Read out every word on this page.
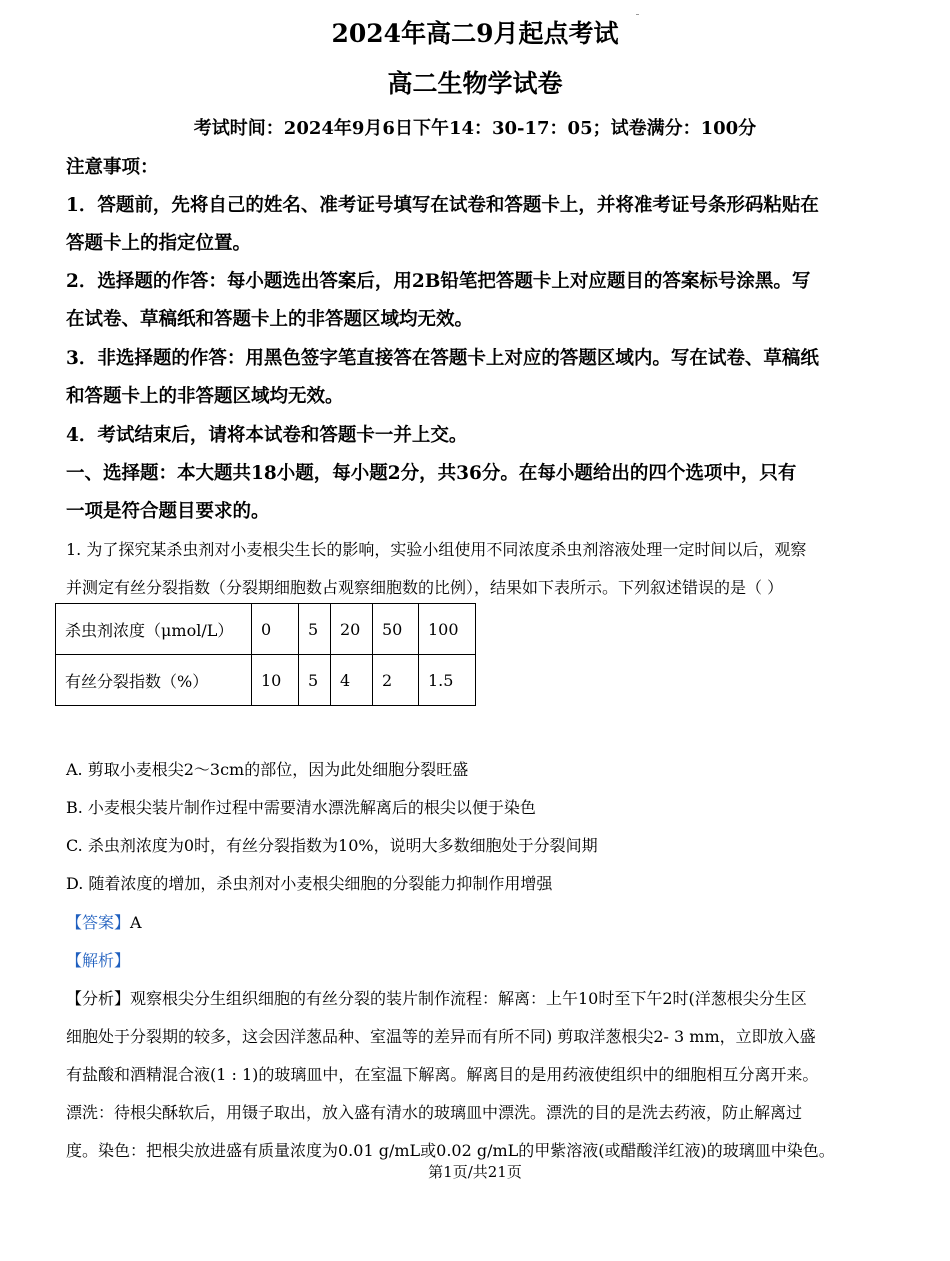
2024年高二9月起点考试
高二生物学试卷
考试时间：2024年9月6日下午14：30-17：05；试卷满分：100分
注意事项：
1．答题前，先将自己的姓名、准考证号填写在试卷和答题卡上，并将准考证号条形码粘贴在
答题卡上的指定位置。
2．选择题的作答：每小题选出答案后，用2B铅笔把答题卡上对应题目的答案标号涂黑。写
在试卷、草稿纸和答题卡上的非答题区域均无效。
3．非选择题的作答：用黑色签字笔直接答在答题卡上对应的答题区域内。写在试卷、草稿纸
和答题卡上的非答题区域均无效。
4．考试结束后，请将本试卷和答题卡一并上交。
一、选择题：本大题共18小题，每小题2分，共36分。在每小题给出的四个选项中，只有
一项是符合题目要求的。
1. 为了探究某杀虫剂对小麦根尖生长的影响，实验小组使用不同浓度杀虫剂溶液处理一定时间以后，观察
并测定有丝分裂指数（分裂期细胞数占观察细胞数的比例），结果如下表所示。下列叙述错误的是（ ）
杀虫剂浓度（μmol/L）	0	5	20	50	100
有丝分裂指数（%）	10	5	4	2	1.5
A. 剪取小麦根尖2～3cm的部位，因为此处细胞分裂旺盛
B. 小麦根尖装片制作过程中需要清水漂洗解离后的根尖以便于染色
C. 杀虫剂浓度为0时，有丝分裂指数为10%，说明大多数细胞处于分裂间期
D. 随着浓度的增加，杀虫剂对小麦根尖细胞的分裂能力抑制作用增强
【答案】A
【解析】
【分析】观察根尖分生组织细胞的有丝分裂的装片制作流程：解离：上午10时至下午2时(洋葱根尖分生区
细胞处于分裂期的较多，这会因洋葱品种、室温等的差异而有所不同) 剪取洋葱根尖2- 3 mm，立即放入盛
有盐酸和酒精混合液(1 : 1)的玻璃皿中，在室温下解离。解离目的是用药液使组织中的细胞相互分离开来。
漂洗：待根尖酥软后，用镊子取出，放入盛有清水的玻璃皿中漂洗。漂洗的目的是洗去药液，防止解离过
度。染色：把根尖放进盛有质量浓度为0.01 g/mL或0.02 g/mL的甲紫溶液(或醋酸洋红液)的玻璃皿中染色。
第1页/共21页
